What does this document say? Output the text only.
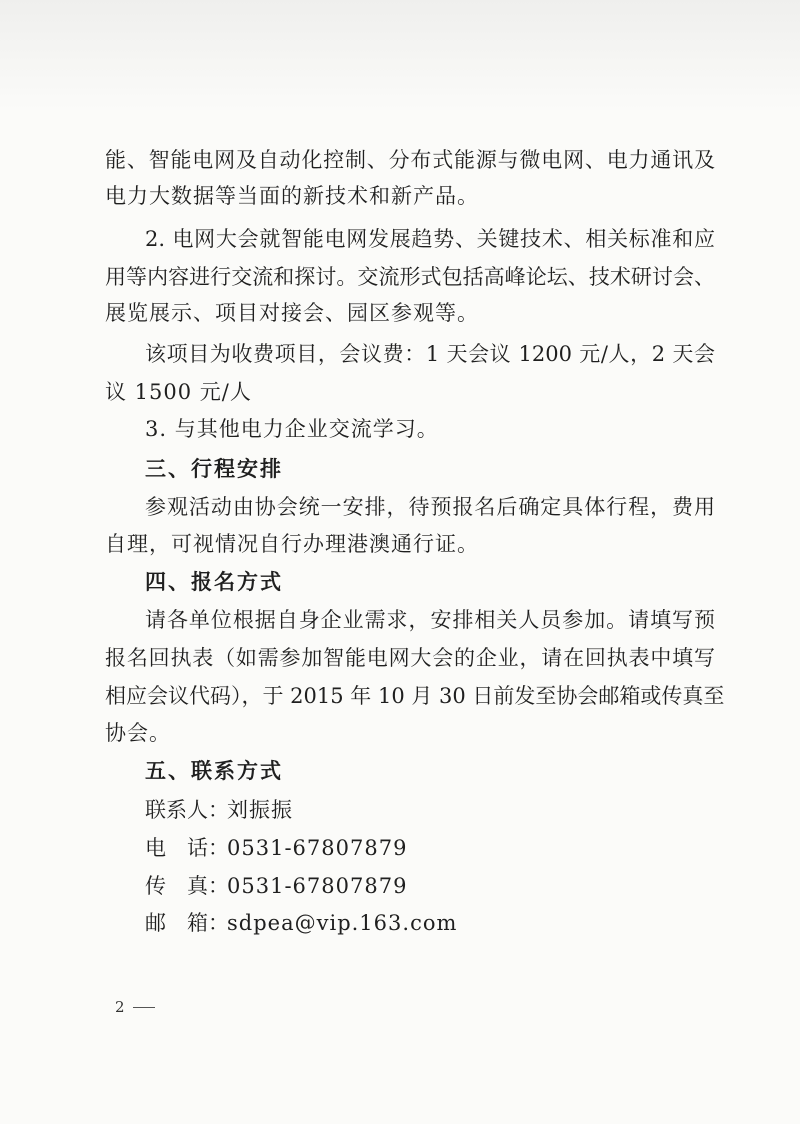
能、智能电网及自动化控制、分布式能源与微电网、电力通讯及
电力大数据等当面的新技术和新产品。
2. 电网大会就智能电网发展趋势、关键技术、相关标准和应
用等内容进行交流和探讨。交流形式包括高峰论坛、技术研讨会、
展览展示、项目对接会、园区参观等。
该项目为收费项目，会议费：1 天会议 1200 元/人，2 天会
议 1500 元/人
3. 与其他电力企业交流学习。
三、行程安排
参观活动由协会统一安排，待预报名后确定具体行程，费用
自理，可视情况自行办理港澳通行证。
四、报名方式
请各单位根据自身企业需求，安排相关人员参加。请填写预
报名回执表（如需参加智能电网大会的企业，请在回执表中填写
相应会议代码），于 2015 年 10 月 30 日前发至协会邮箱或传真至
协会。
五、联系方式
联系人：刘振振
电　话：0531-67807879
传　真：0531-67807879
邮　箱：sdpea@vip.163.com
2
